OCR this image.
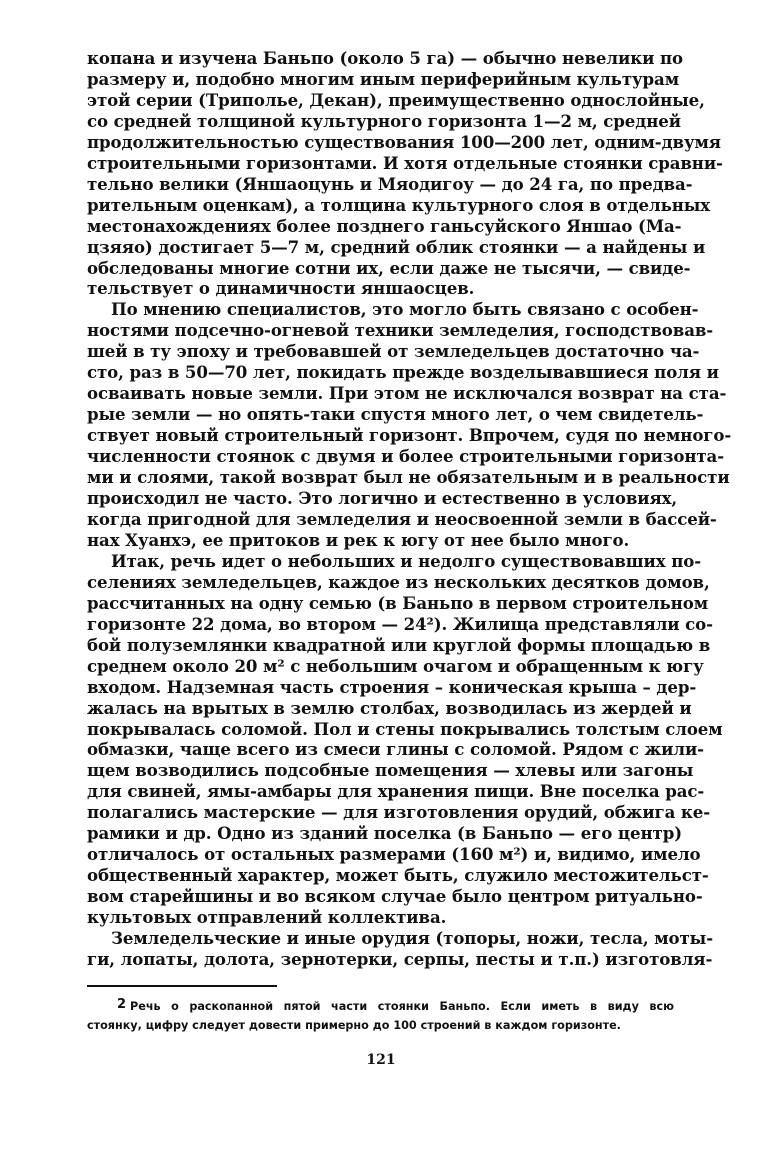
копана и изучена Баньпо (около 5 га) — обычно невелики по
размеру и, подобно многим иным периферийным культурам
этой серии (Триполье, Декан), преимущественно однослойные,
со средней толщиной культурного горизонта 1—2 м, средней
продолжительностью существования 100—200 лет, одним-двумя
строительными горизонтами. И хотя отдельные стоянки сравни-
тельно велики (Яншаоцунь и Мяодигоу — до 24 га, по предва-
рительным оценкам), а толщина культурного слоя в отдельных
местонахождениях более позднего ганьсуйского Яншао (Ма-
цзяяо) достигает 5—7 м, средний облик стоянки — а найдены и
обследованы многие сотни их, если даже не тысячи, — свиде-
тельствует о динамичности яншаосцев.

По мнению специалистов, это могло быть связано с особен-
ностями подсечно-огневой техники земледелия, господствовав-
шей в ту эпоху и требовавшей от земледельцев достаточно ча-
сто, раз в 50—70 лет, покидать прежде возделывавшиеся поля и
осваивать новые земли. При этом не исключался возврат на ста-
рые земли — но опять-таки спустя много лет, о чем свидетель-
ствует новый строительный горизонт. Впрочем, судя по немного-
численности стоянок с двумя и более строительными горизонта-
ми и слоями, такой возврат был не обязательным и в реальности
происходил не часто. Это логично и естественно в условиях,
когда пригодной для земледелия и неосвоенной земли в бассей-
нах Хуанхэ, ее притоков и рек к югу от нее было много.

Итак, речь идет о небольших и недолго существовавших по-
селениях земледельцев, каждое из нескольких десятков домов,
рассчитанных на одну семью (в Баньпо в первом строительном
горизонте 22 дома, во втором — 24²). Жилища представляли со-
бой полуземлянки квадратной или круглой формы площадью в
среднем около 20 м² с небольшим очагом и обращенным к югу
входом. Надземная часть строения – коническая крыша – дер-
жалась на врытых в землю столбах, возводилась из жердей и
покрывалась соломой. Пол и стены покрывались толстым слоем
обмазки, чаще всего из смеси глины с соломой. Рядом с жили-
щем возводились подсобные помещения — хлевы или загоны
для свиней, ямы-амбары для хранения пищи. Вне поселка рас-
полагались мастерские — для изготовления орудий, обжига ке-
рамики и др. Одно из зданий поселка (в Баньпо — его центр)
отличалось от остальных размерами (160 м²) и, видимо, имело
общественный характер, может быть, служило местожительст-
вом старейшины и во всяком случае было центром ритуально-
культовых отправлений коллектива.

Земледельческие и иные орудия (топоры, ножи, тесла, моты-
ги, лопаты, долота, зернотерки, серпы, песты и т.п.) изготовля-

$^2$ Речь о раскопанной пятой части стоянки Баньпо. Если иметь в виду всю
стоянку, цифру следует довести примерно до 100 строений в каждом горизонте.
121
